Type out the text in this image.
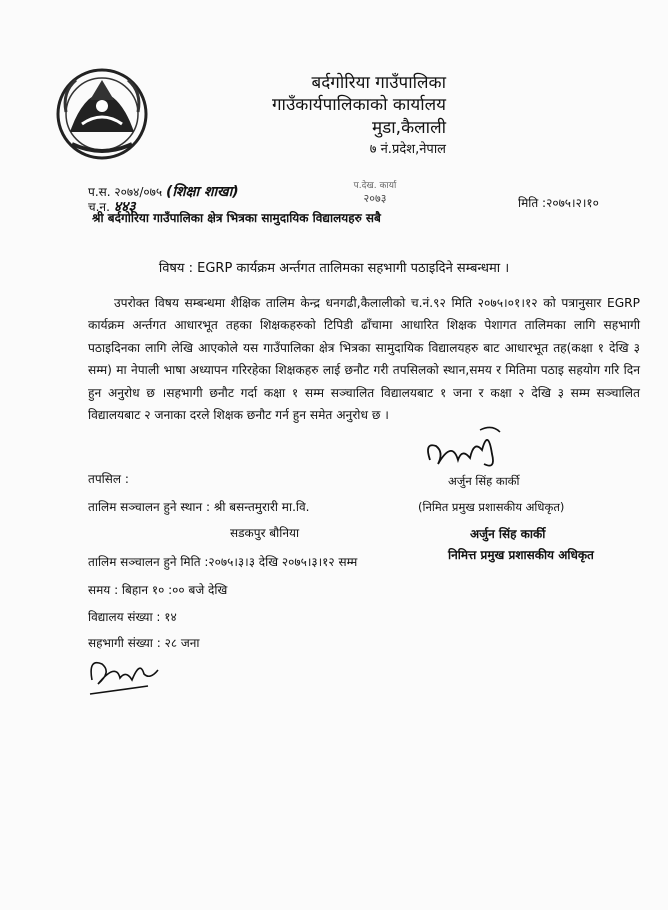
बर्दगोरिया गाउँपालिका
गाउँकार्यपालिकाको कार्यालय
मुडा,कैलाली
७ नं.प्रदेश,नेपाल
प.स. २०७४/०७५ (शिक्षा शाखा)
च.न. ४४३
प.देख. कार्या
२०७३	मिति :२०७५।२।१०
श्री बर्दगोरिया गाउँपालिका क्षेत्र भित्रका सामुदायिक विद्यालयहरु सबै
विषय : EGRP कार्यक्रम अर्न्तगत तालिमका सहभागी पठाइदिने सम्बन्धमा ।

उपरोक्त विषय सम्बन्धमा शैक्षिक तालिम केन्द्र धनगढी,कैलालीको च.नं.९२ मिति २०७५।०१।१२ को पत्रानुसार EGRP कार्यक्रम अर्न्तगत आधारभूत तहका शिक्षकहरुको टिपिडी ढाँचामा आधारित शिक्षक पेशागत तालिमका लागि सहभागी पठाइदिनका लागि लेखि आएकोले यस गाउँपालिका क्षेत्र भित्रका सामुदायिक विद्यालयहरु बाट आधारभूत तह(कक्षा १ देखि ३ सम्म) मा नेपाली भाषा अध्यापन गरिरहेका शिक्षकहरु लाई छनौट गरी तपसिलको स्थान,समय र मितिमा पठाइ सहयोग गरि दिन हुन अनुरोध छ ।सहभागी छनौट गर्दा कक्षा १ सम्म सञ्चालित विद्यालयबाट १ जना र कक्षा २ देखि ३ सम्म सञ्चालित विद्यालयबाट २ जनाका दरले शिक्षक छनौट गर्न हुन समेत अनुरोध छ ।

तपसिल :
तालिम सञ्चालन हुने स्थान : श्री बसन्तमुरारी मा.वि.
सडकपुर बौनिया
तालिम सञ्चालन हुने मिति :२०७५।३।३ देखि २०७५।३।१२ सम्म
समय : बिहान १० :०० बजे देखि
विद्यालय संख्या : १४
सहभागी संख्या : २८ जना
अर्जुन सिंह कार्की
(निमित प्रमुख प्रशासकीय अधिकृत)
अर्जुन सिंह कार्की
निमित्त प्रमुख प्रशासकीय अधिकृत
